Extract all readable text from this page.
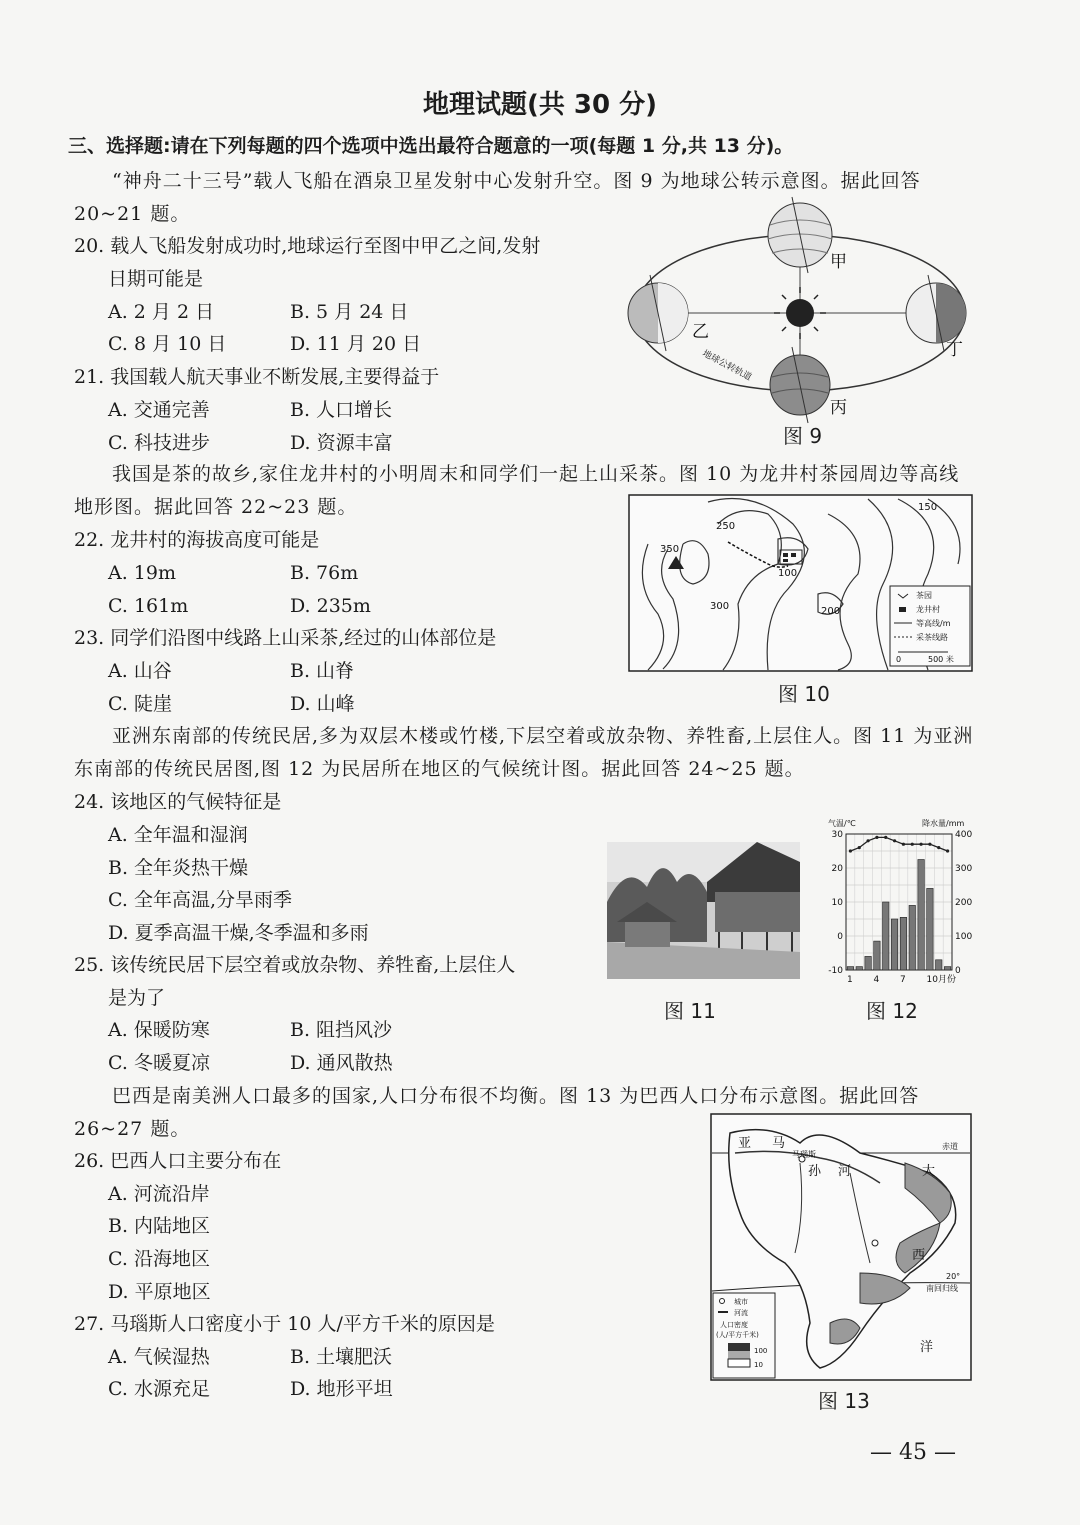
地理试题(共 30 分)
三、选择题:请在下列每题的四个选项中选出最符合题意的一项(每题 1 分,共 13 分)。
“神舟二十三号”载人飞船在酒泉卫星发射中心发射升空。图 9 为地球公转示意图。据此回答 20~21 题。
20. 载人飞船发射成功时,地球运行至图中甲乙之间,发射
日期可能是
A. 2 月 2 日	B. 5 月 24 日
C. 8 月 10 日	D. 11 月 20 日
21. 我国载人航天事业不断发展,主要得益于
A. 交通完善	B. 人口增长
C. 科技进步	D. 资源丰富
我国是茶的故乡,家住龙井村的小明周末和同学们一起上山采茶。图 10 为龙井村茶园周边等高线地形图。据此回答 22~23 题。
22. 龙井村的海拔高度可能是
A. 19m	B. 76m
C. 161m	D. 235m
23. 同学们沿图中线路上山采茶,经过的山体部位是
A. 山谷	B. 山脊
C. 陡崖	D. 山峰
亚洲东南部的传统民居,多为双层木楼或竹楼,下层空着或放杂物、养牲畜,上层住人。图 11 为亚洲东南部的传统民居图,图 12 为民居所在地区的气候统计图。据此回答 24~25 题。
24. 该地区的气候特征是
A. 全年温和湿润
B. 全年炎热干燥
C. 全年高温,分旱雨季
D. 夏季高温干燥,冬季温和多雨
25. 该传统民居下层空着或放杂物、养牲畜,上层住人
是为了
A. 保暖防寒	B. 阻挡风沙
C. 冬暖夏凉	D. 通风散热
巴西是南美洲人口最多的国家,人口分布很不均衡。图 13 为巴西人口分布示意图。据此回答 26~27 题。
26. 巴西人口主要分布在
A. 河流沿岸
B. 内陆地区
C. 沿海地区
D. 平原地区
27. 马瑙斯人口密度小于 10 人/平方千米的原因是
A. 气候湿热	B. 土壤肥沃
C. 水源充足	D. 地形平坦
甲
乙
丙
丁
地球公转轨道
图 9
350
250
300	200
100
150
茶园
龙井村
等高线/m
采茶线路
0	500 米
图 10
图 11
-10
0
10
20
30
0
100
200
300
400
1 4 7 10月份
气温/℃	降水量/mm
图 12
亚 马
孙 河	大
西
洋
马瑙斯
赤道
南回归线
20°
城市
河流
人口密度
(人/平方千米)
100
10
图 13
— 45 —
